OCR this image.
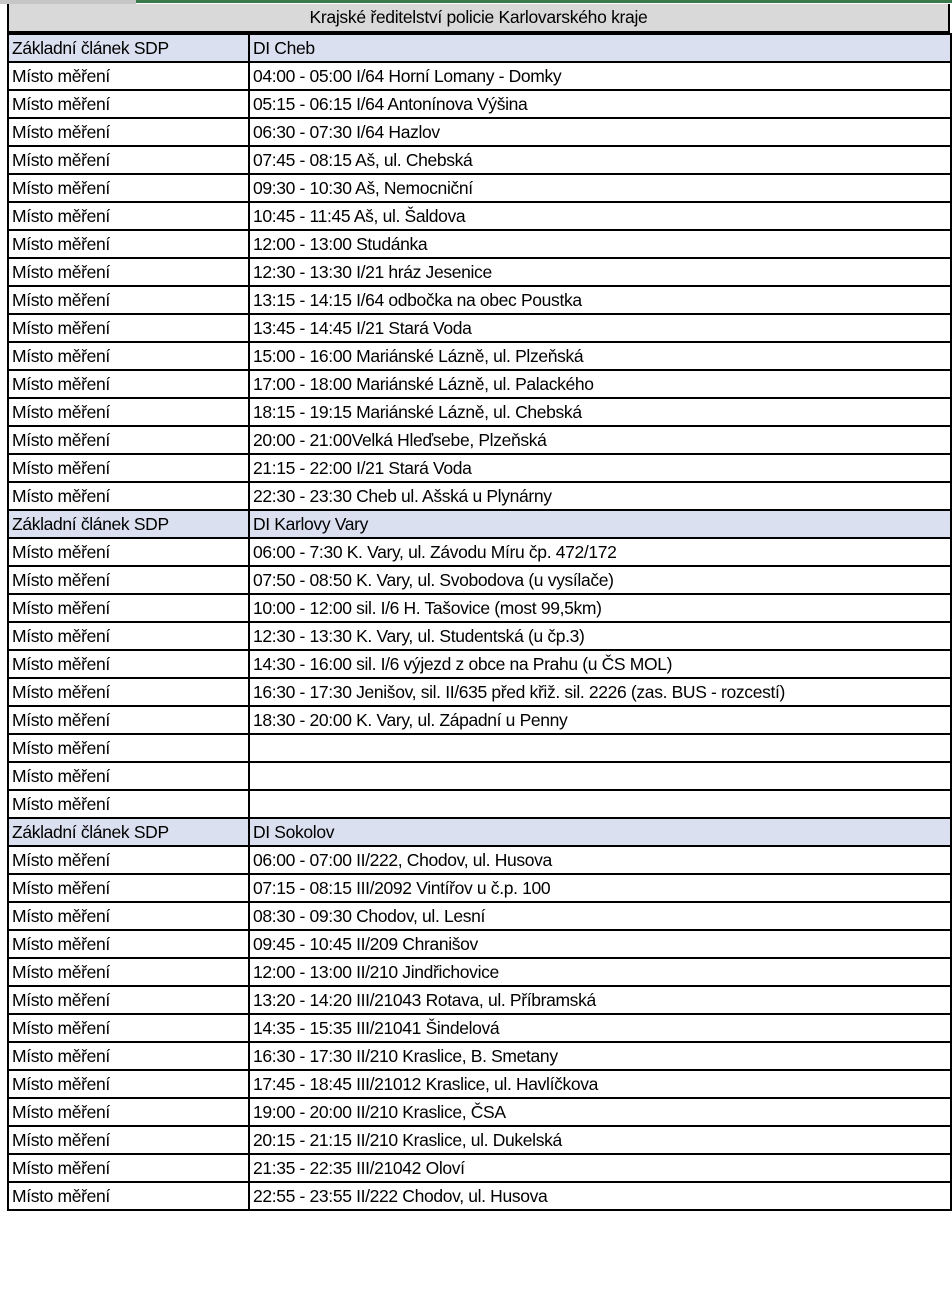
Krajské ředitelství policie Karlovarského kraje
Základní článek SDP	DI Cheb
Místo měření	04:00 - 05:00 I/64 Horní Lomany - Domky
Místo měření	05:15 - 06:15 I/64 Antonínova Výšina
Místo měření	06:30 - 07:30 I/64 Hazlov
Místo měření	07:45 - 08:15 Aš, ul. Chebská
Místo měření	09:30 - 10:30 Aš, Nemocniční
Místo měření	10:45 - 11:45 Aš, ul. Šaldova
Místo měření	12:00 - 13:00 Studánka
Místo měření	12:30 - 13:30 I/21 hráz Jesenice
Místo měření	13:15 - 14:15 I/64 odbočka na obec Poustka
Místo měření	13:45 - 14:45 I/21 Stará Voda
Místo měření	15:00 - 16:00 Mariánské Lázně, ul. Plzeňská
Místo měření	17:00 - 18:00 Mariánské Lázně, ul. Palackého
Místo měření	18:15 - 19:15 Mariánské Lázně, ul. Chebská
Místo měření	20:00 - 21:00Velká Hleďsebe, Plzeňská
Místo měření	21:15 - 22:00 I/21 Stará Voda
Místo měření	22:30 - 23:30 Cheb ul. Ašská u Plynárny
Základní článek SDP	DI Karlovy Vary
Místo měření	06:00 - 7:30 K. Vary, ul. Závodu Míru čp. 472/172
Místo měření	07:50 - 08:50 K. Vary, ul. Svobodova (u vysílače)
Místo měření	10:00 - 12:00 sil. I/6 H. Tašovice (most 99,5km)
Místo měření	12:30 - 13:30 K. Vary, ul. Studentská (u čp.3)
Místo měření	14:30 - 16:00 sil. I/6 výjezd z obce na Prahu (u ČS MOL)
Místo měření	16:30 - 17:30 Jenišov, sil. II/635 před křiž. sil. 2226 (zas. BUS - rozcestí)
Místo měření	18:30 - 20:00 K. Vary, ul. Západní u Penny
Místo měření	
Místo měření	
Místo měření	
Základní článek SDP	DI Sokolov
Místo měření	06:00 - 07:00 II/222, Chodov, ul. Husova
Místo měření	07:15 - 08:15 III/2092 Vintířov u č.p. 100
Místo měření	08:30 - 09:30 Chodov, ul. Lesní
Místo měření	09:45 - 10:45 II/209 Chranišov
Místo měření	12:00 - 13:00 II/210 Jindřichovice
Místo měření	13:20 - 14:20 III/21043 Rotava, ul. Příbramská
Místo měření	14:35 - 15:35 III/21041 Šindelová
Místo měření	16:30 - 17:30 II/210 Kraslice, B. Smetany
Místo měření	17:45 - 18:45 III/21012 Kraslice, ul. Havlíčkova
Místo měření	19:00 - 20:00 II/210 Kraslice, ČSA
Místo měření	20:15 - 21:15 II/210 Kraslice, ul. Dukelská
Místo měření	21:35 - 22:35 III/21042 Oloví
Místo měření	22:55 - 23:55 II/222 Chodov, ul. Husova
